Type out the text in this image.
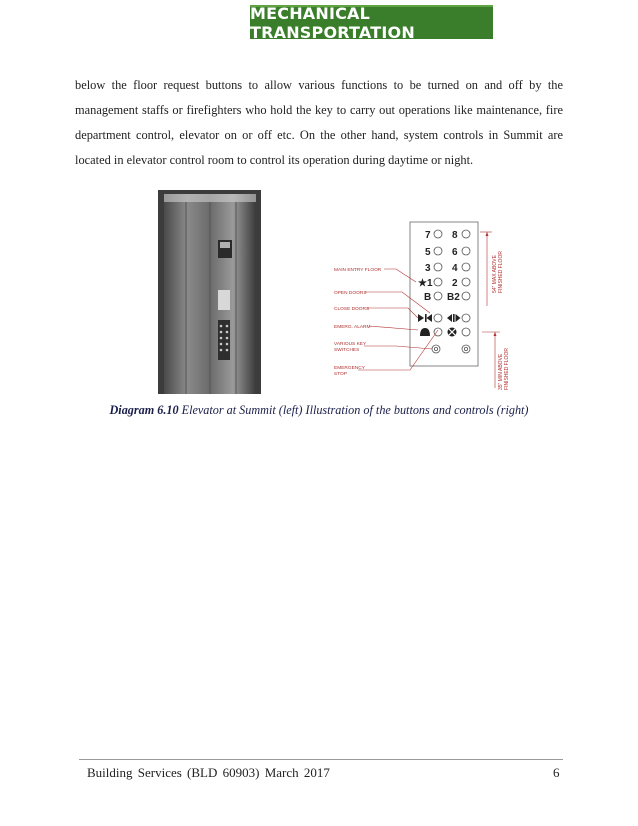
MECHANICAL TRANSPORTATION
below the floor request buttons to allow various functions to be turned on and off by the management staffs or firefighters who hold the key to carry out operations like maintenance, fire department control, elevator on or off etc. On the other hand, system controls in Summit are located in elevator control room to control its operation during daytime or night.
7 8
5 6
3 4
★1 2
B B2
MAIN ENTRY FLOOR
OPEN DOORS
CLOSE DOORS
EMERG. ALARM
VARIOUS KEY
SWITCHES
EMERGENCY
STOP
54" MAX ABOVE FINISHED FLOOR
35" MIN ABOVE FINISHED FLOOR
Diagram 6.10 Elevator at Summit (left) Illustration of the buttons and controls (right)
Building Services (BLD 60903) March 2017	6
